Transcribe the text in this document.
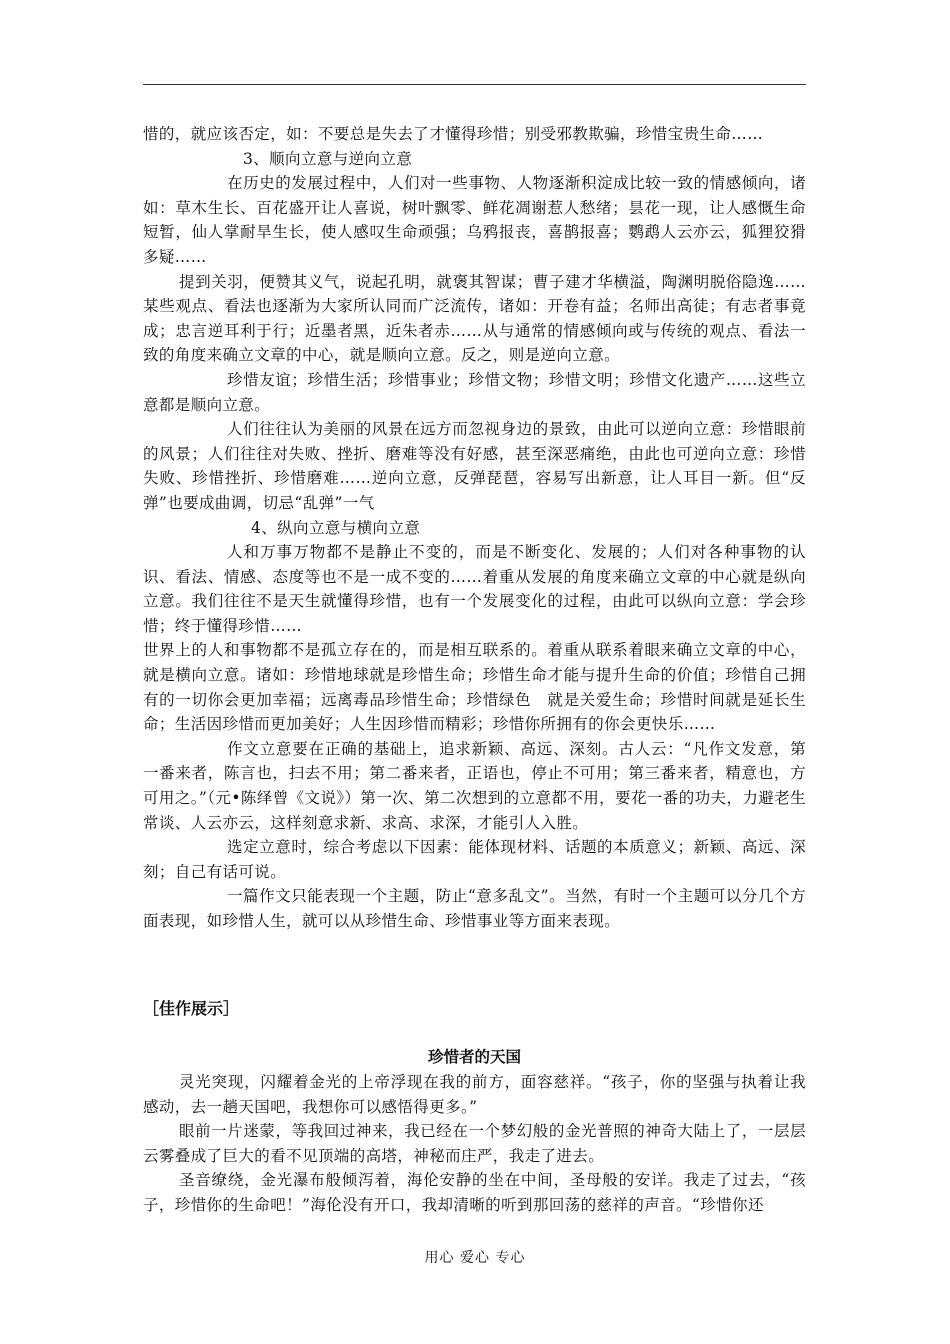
惜的，就应该否定，如：不要总是失去了才懂得珍惜；别受邪教欺骗，珍惜宝贵生命……

3、顺向立意与逆向立意

在历史的发展过程中，人们对一些事物、人物逐渐积淀成比较一致的情感倾向，诸如：草木生长、百花盛开让人喜说，树叶飘零、鲜花凋谢惹人愁绪；昙花一现，让人感慨生命短暂，仙人掌耐旱生长，使人感叹生命顽强；乌鸦报丧，喜鹊报喜；鹦鹉人云亦云，狐狸狡猾多疑……

提到关羽，便赞其义气，说起孔明，就褒其智谋；曹子建才华横溢，陶渊明脱俗隐逸……某些观点、看法也逐渐为大家所认同而广泛流传，诸如：开卷有益；名师出高徒；有志者事竟成；忠言逆耳利于行；近墨者黑，近朱者赤……从与通常的情感倾向或与传统的观点、看法一致的角度来确立文章的中心，就是顺向立意。反之，则是逆向立意。

珍惜友谊；珍惜生活；珍惜事业；珍惜文物；珍惜文明；珍惜文化遗产……这些立意都是顺向立意。

人们往往认为美丽的风景在远方而忽视身边的景致，由此可以逆向立意：珍惜眼前的风景；人们往往对失败、挫折、磨难等没有好感，甚至深恶痛绝，由此也可逆向立意：珍惜失败、珍惜挫折、珍惜磨难……逆向立意，反弹琵琶，容易写出新意，让人耳目一新。但“反弹”也要成曲调，切忌“乱弹”一气

4、纵向立意与横向立意

人和万事万物都不是静止不变的，而是不断变化、发展的；人们对各种事物的认识、看法、情感、态度等也不是一成不变的……着重从发展的角度来确立文章的中心就是纵向立意。我们往往不是天生就懂得珍惜，也有一个发展变化的过程，由此可以纵向立意：学会珍惜；终于懂得珍惜……

世界上的人和事物都不是孤立存在的，而是相互联系的。着重从联系着眼来确立文章的中心，就是横向立意。诸如：珍惜地球就是珍惜生命；珍惜生命才能与提升生命的价值；珍惜自己拥有的一切你会更加幸福；远离毒品珍惜生命；珍惜绿色　就是关爱生命；珍惜时间就是延长生命；生活因珍惜而更加美好；人生因珍惜而精彩；珍惜你所拥有的你会更快乐……

作文立意要在正确的基础上，追求新颖、高远、深刻。古人云：“凡作文发意，第一番来者，陈言也，扫去不用；第二番来者，正语也，停止不可用；第三番来者，精意也，方可用之。”（元•陈绎曾《文说》）第一次、第二次想到的立意都不用，要花一番的功夫，力避老生常谈、人云亦云，这样刻意求新、求高、求深，才能引人入胜。

选定立意时，综合考虑以下因素：能体现材料、话题的本质意义；新颖、高远、深刻；自己有话可说。

一篇作文只能表现一个主题，防止“意多乱文”。当然，有时一个主题可以分几个方面表现，如珍惜人生，就可以从珍惜生命、珍惜事业等方面来表现。

［佳作展示］
珍惜者的天国

灵光突现，闪耀着金光的上帝浮现在我的前方，面容慈祥。“孩子，你的坚强与执着让我感动，去一趟天国吧，我想你可以感悟得更多。”

眼前一片迷蒙，等我回过神来，我已经在一个梦幻般的金光普照的神奇大陆上了，一层层云雾叠成了巨大的看不见顶端的高塔，神秘而庄严，我走了进去。

圣音缭绕，金光瀑布般倾泻着，海伦安静的坐在中间，圣母般的安详。我走了过去，“孩子，珍惜你的生命吧！”海伦没有开口，我却清晰的听到那回荡的慈祥的声音。“珍惜你还

用心 爱心 专心
